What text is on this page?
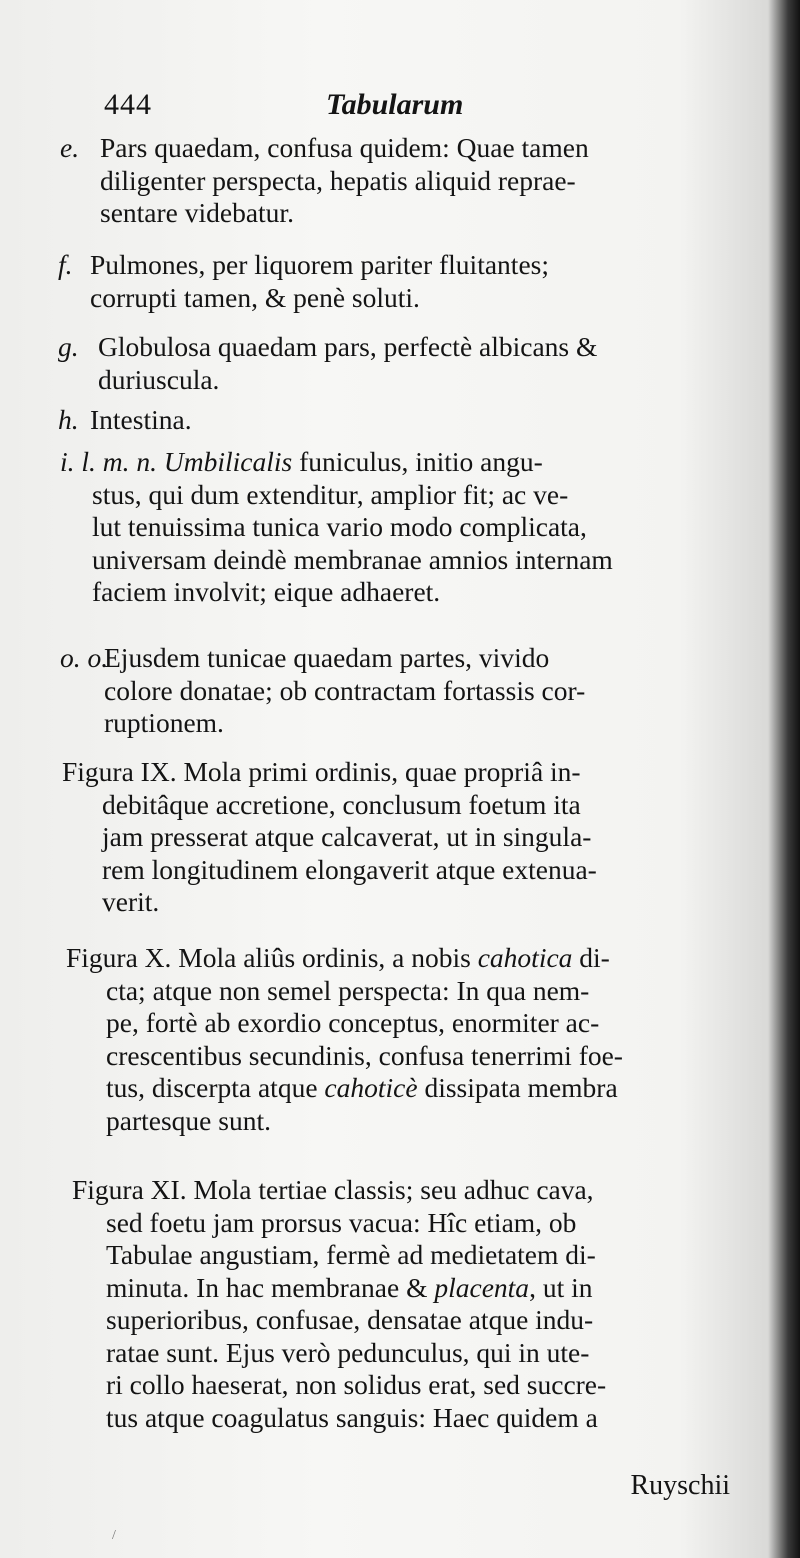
444	Tabularum
e. Pars quaedam, confusa quidem: Quae tamen
diligenter perspecta, hepatis aliquid reprae-
sentare videbatur.
f. Pulmones, per liquorem pariter fluitantes;
corrupti tamen, & penè soluti.
g. Globulosa quaedam pars, perfectè albicans &
duriuscula.
h. Intestina.
i. l. m. n. Umbilicalis funiculus, initio angu-
stus, qui dum extenditur, amplior fit; ac ve-
lut tenuissima tunica vario modo complicata,
universam deindè membranae amnios internam
faciem involvit; eique adhaeret.
o. o.
Ejusdem tunicae quaedam partes, vivido
colore donatae; ob contractam fortassis cor-
ruptionem.
Figura IX. Mola primi ordinis, quae propriâ in-
debitâque accretione, conclusum foetum ita
jam presserat atque calcaverat, ut in singula-
rem longitudinem elongaverit atque extenua-
verit.
Figura X. Mola aliûs ordinis, a nobis cahotica di-
cta; atque non semel perspecta: In qua nem-
pe, fortè ab exordio conceptus, enormiter ac-
crescentibus secundinis, confusa tenerrimi foe-
tus, discerpta atque cahoticè dissipata membra
partesque sunt.
Figura XI. Mola tertiae classis; seu adhuc cava,
sed foetu jam prorsus vacua: Hîc etiam, ob
Tabulae angustiam, fermè ad medietatem di-
minuta. In hac membranae & placenta, ut in
superioribus, confusae, densatae atque indu-
ratae sunt. Ejus verò pedunculus, qui in ute-
ri collo haeserat, non solidus erat, sed succre-
tus atque coagulatus sanguis: Haec quidem a
Ruyschii
/
